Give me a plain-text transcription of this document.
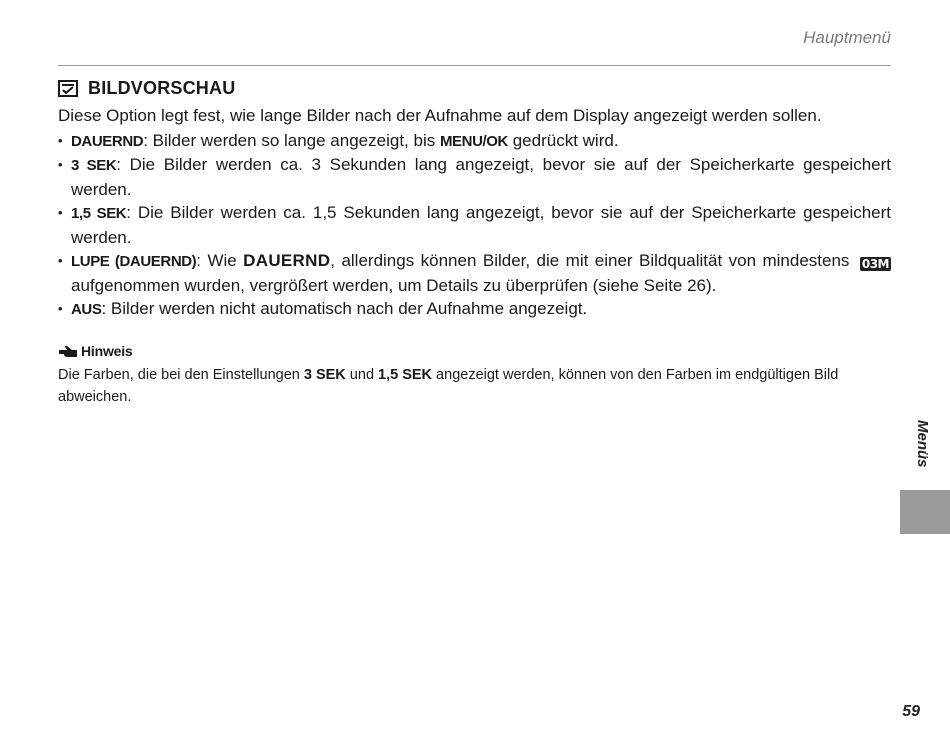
Hauptmenü
BILDVORSCHAU

Diese Option legt fest, wie lange Bilder nach der Aufnahme auf dem Display angezeigt werden sollen.

• DAUERND: Bilder werden so lange angezeigt, bis MENU/OK gedrückt wird.
• 3 SEK: Die Bilder werden ca. 3 Sekunden lang angezeigt, bevor sie auf der Speicherkarte gespeichert werden.
• 1,5 SEK: Die Bilder werden ca. 1,5 Sekunden lang angezeigt, bevor sie auf der Speicherkarte gespeichert werden.
• LUPE (DAUERND): Wie DAUERND, allerdings können Bilder, die mit einer Bildqualität von mindestens 03M aufgenommen wurden, vergrößert werden, um Details zu überprüfen (siehe Seite 26).
• AUS: Bilder werden nicht automatisch nach der Aufnahme angezeigt.
Hinweis

Die Farben, die bei den Einstellungen 3 SEK und 1,5 SEK angezeigt werden, können von den Farben im endgültigen Bild abweichen.

Menüs
59
